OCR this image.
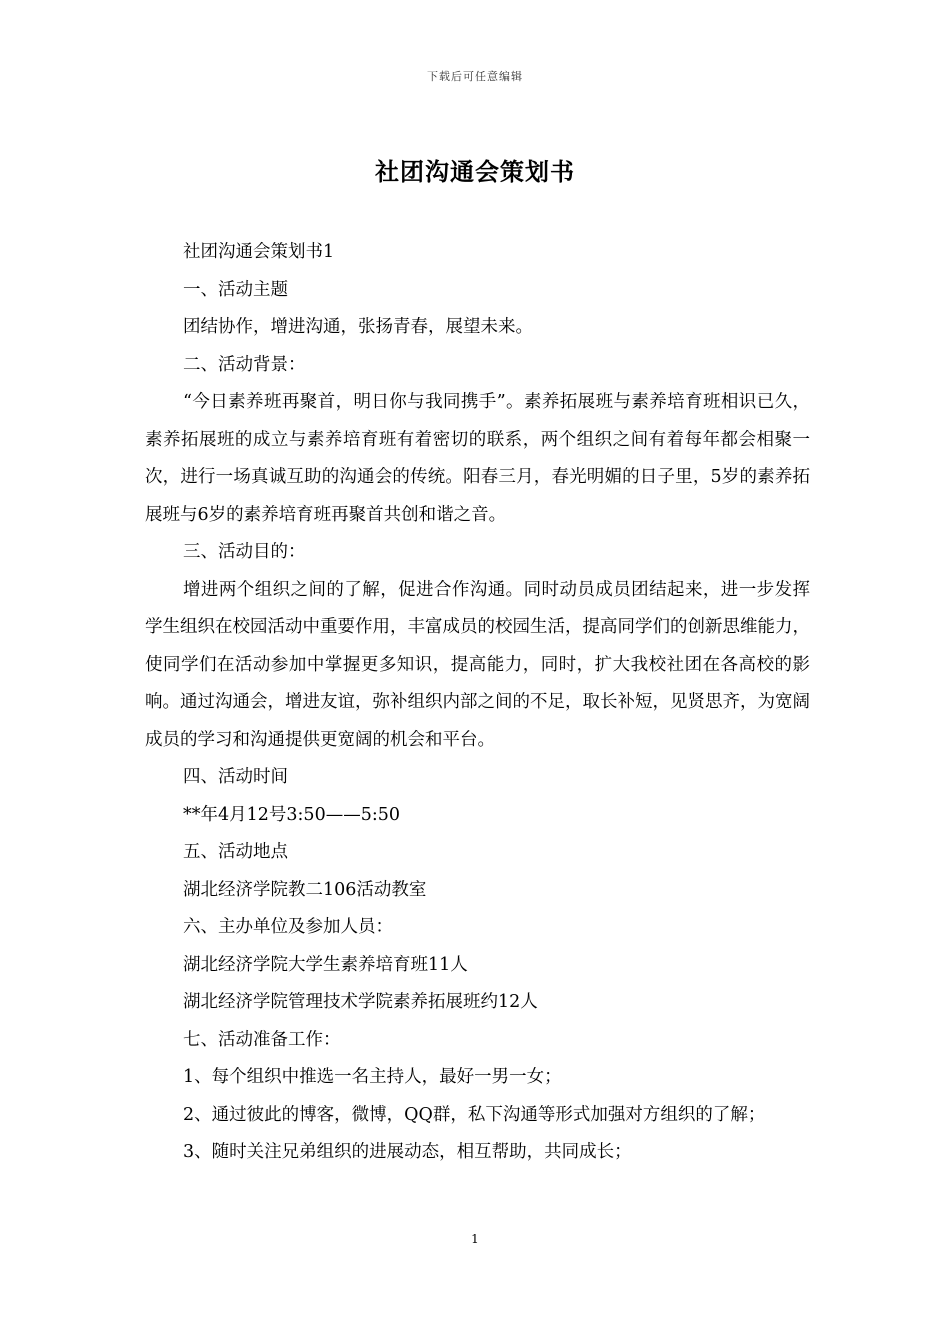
下载后可任意编辑
社团沟通会策划书

社团沟通会策划书1

一、活动主题

团结协作，增进沟通，张扬青春，展望未来。

二、活动背景：

“今日素养班再聚首，明日你与我同携手”。素养拓展班与素养培育班相识已久，素养拓展班的成立与素养培育班有着密切的联系，两个组织之间有着每年都会相聚一次，进行一场真诚互助的沟通会的传统。阳春三月，春光明媚的日子里，5岁的素养拓展班与6岁的素养培育班再聚首共创和谐之音。

三、活动目的：

增进两个组织之间的了解，促进合作沟通。同时动员成员团结起来，进一步发挥学生组织在校园活动中重要作用，丰富成员的校园生活，提高同学们的创新思维能力，使同学们在活动参加中掌握更多知识，提高能力，同时，扩大我校社团在各高校的影响。通过沟通会，增进友谊，弥补组织内部之间的不足，取长补短，见贤思齐，为宽阔成员的学习和沟通提供更宽阔的机会和平台。

四、活动时间

**年4月12号3:50——5:50

五、活动地点

湖北经济学院教二106活动教室

六、主办单位及参加人员：

湖北经济学院大学生素养培育班11人

湖北经济学院管理技术学院素养拓展班约12人

七、活动准备工作：

1、每个组织中推选一名主持人，最好一男一女；

2、通过彼此的博客，微博，QQ群，私下沟通等形式加强对方组织的了解；

3、随时关注兄弟组织的进展动态，相互帮助，共同成长；

1
